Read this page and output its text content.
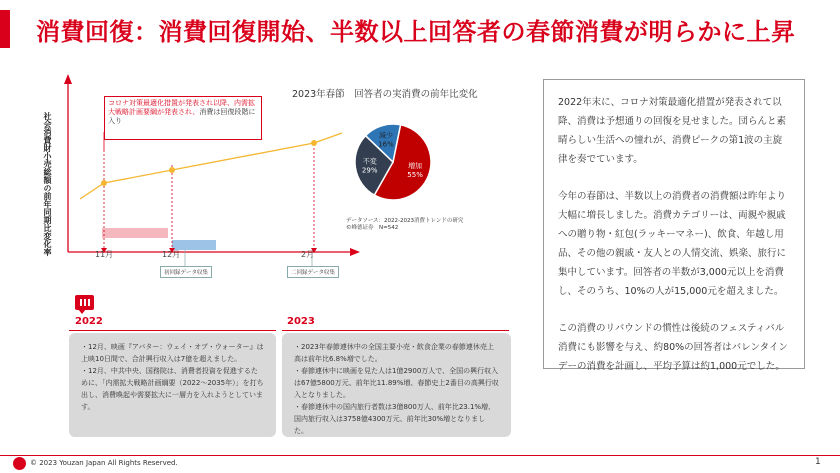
消費回復：消費回復開始、半数以上回答者の春節消費が明らかに上昇
増加
55%
不変
29%
減少
16%
社会消費財小売総額の前年同期比変化率
コロナ対策最適化措置が発表され以降、内需拡大戦略計画要綱が発表され、消費は回復段階に入り
11月	12月	2月
初回録データ収集	二回録データ収集
2023年春節　回答者の実消費の前年比変化
データソース：2022-2023消費トレンドの研究
©峰德证券　N=542

2022年末に、コロナ対策最適化措置が発表されて以降、消費は予想通りの回復を見せました。団らんと素晴らしい生活への憧れが、消費ピークの第1波の主旋律を奏でています。

今年の春節は、半数以上の消費者の消費額は昨年より大幅に増長しました。消費カテゴリーは、両親や親戚への贈り物・紅包(ラッキーマネー)、飲食、年越し用品、その他の親戚・友人との人情交流、娯楽、旅行に集中しています。回答者の半数が3,000元以上を消費し、そのうち、10%の人が15,000元を超えました。

この消費のリバウンドの慣性は後続のフェスティバル消費にも影響を与え、約80%の回答者はバレンタインデーの消費を計画し、平均予算は約1,000元でした。

2022	2023
・12月、映画『アバター：ウェイ・オブ・ウォーター』は上映10日間で、合計興行収入は7億を超えました。
・12月、中共中央、国務院は、消費者投資を促進するために、「内需拡大戦略計画綱要（2022～2035年）」を打ち出し、消費喚起や需要拡大に一層力を入れようとしています。
・2023年春節連休中の全国主要小売・飲食企業の春節連休売上高は前年比6.8%増でした。
・春節連休中に映画を見た人は1億2900万人で、全国の興行収入は67億5800万元、前年比11.89%増、春節史上2番目の高興行収入となりました。
・春節連休中の国内旅行者数は3億800万人、前年比23.1%増、国内旅行収入は3758億4300万元、前年比30%増となりました。
© 2023 Youzan Japan All Rights Reserved.	1
